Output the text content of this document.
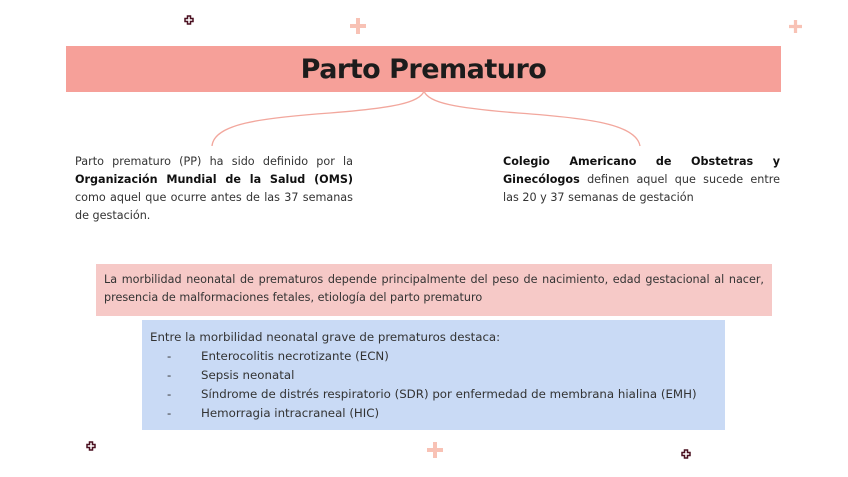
Parto Prematuro
Parto prematuro (PP) ha sido definido por la Organización Mundial de la Salud (OMS) como aquel que ocurre antes de las 37 semanas de gestación.
Colegio Americano de Obstetras y Ginecólogos definen aquel que sucede entre las 20 y 37 semanas de gestación
La morbilidad neonatal de prematuros depende principalmente del peso de nacimiento, edad gestacional al nacer, presencia de malformaciones fetales, etiología del parto prematuro
Entre la morbilidad neonatal grave de prematuros destaca:
- Enterocolitis necrotizante (ECN)
- Sepsis neonatal
- Síndrome de distrés respiratorio (SDR) por enfermedad de membrana hialina (EMH)
- Hemorragia intracraneal (HIC)
